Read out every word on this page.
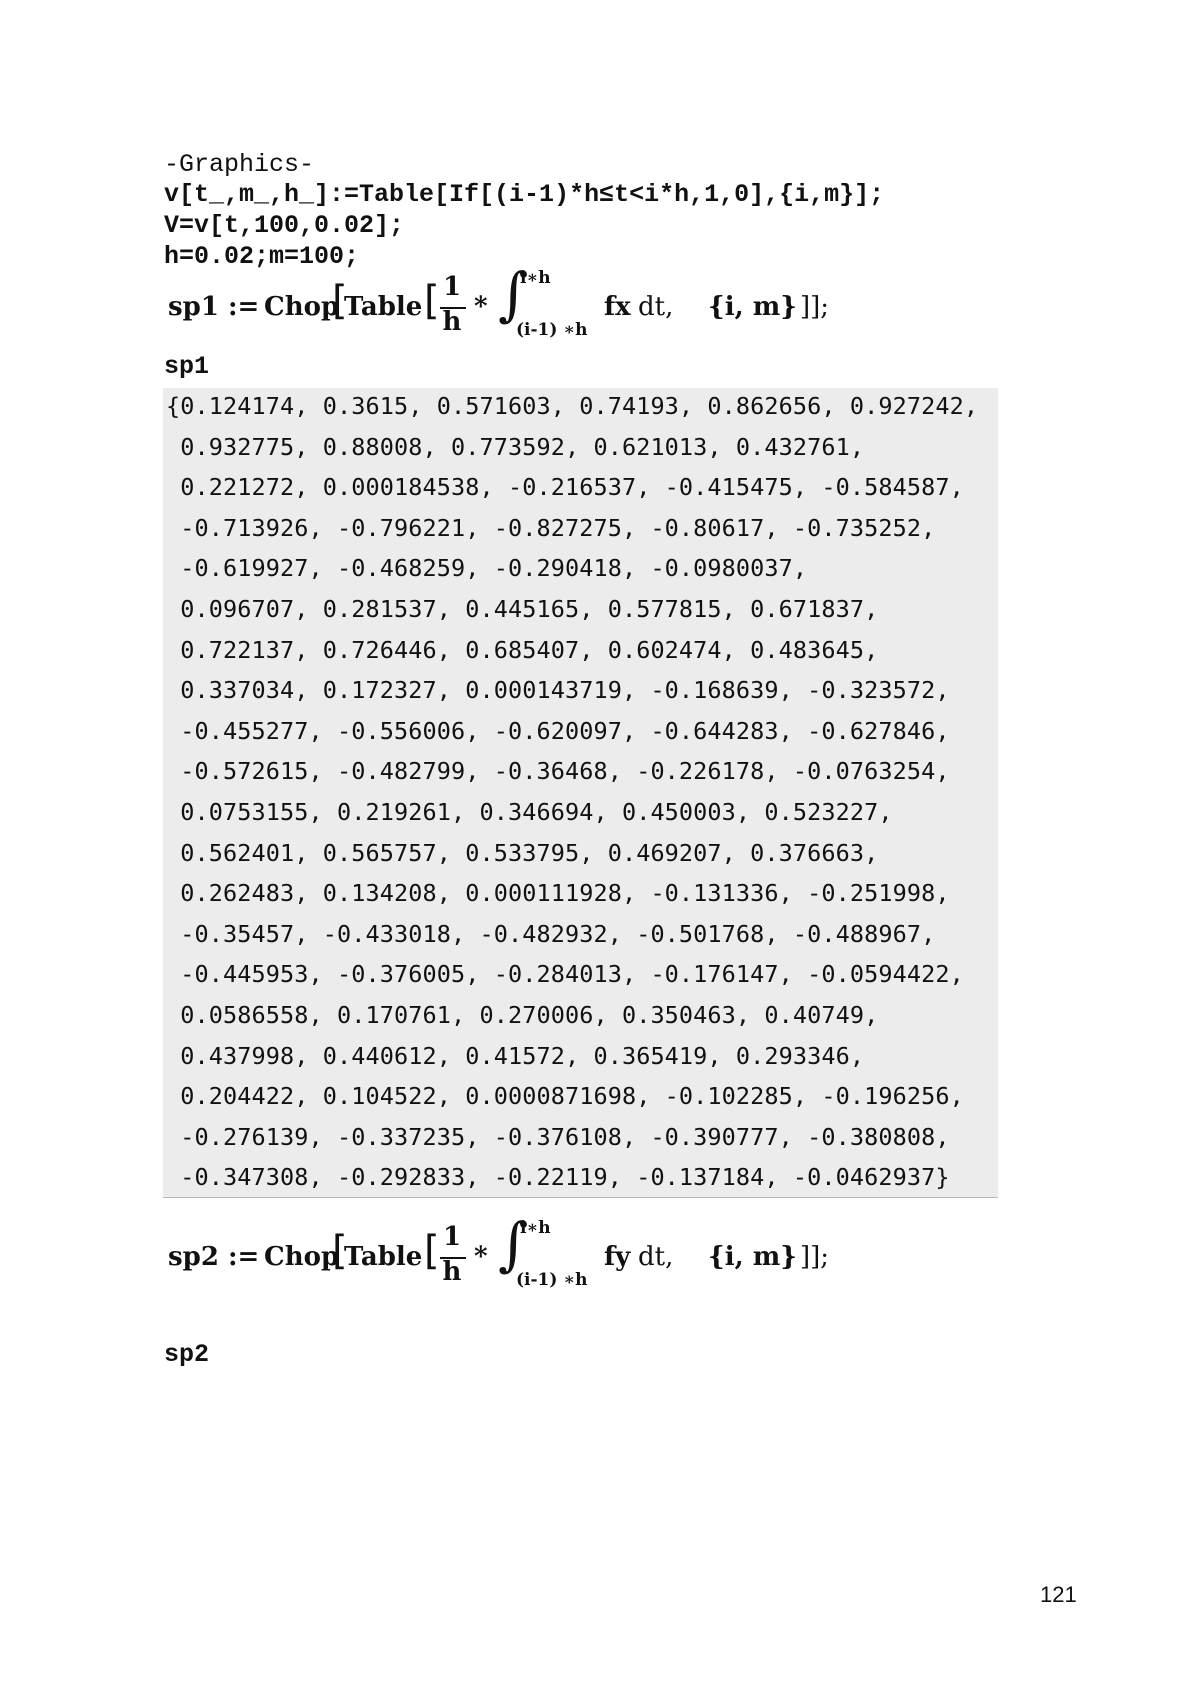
-Graphics-
v[t_,m_,h_]:=Table[If[(i-1)*h≤t<i*h,1,0],{i,m}];
V=v[t,100,0.02];
h=0.02;m=100;
sp1 := Chop
[
Table [ 1
h * ∫
i∗h
(i-1) ∗h
fx dt, {i, m} ]];
sp1
{0.124174, 0.3615, 0.571603, 0.74193, 0.862656, 0.927242,
0.932775, 0.88008, 0.773592, 0.621013, 0.432761,
0.221272, 0.000184538, -0.216537, -0.415475, -0.584587,
-0.713926, -0.796221, -0.827275, -0.80617, -0.735252,
-0.619927, -0.468259, -0.290418, -0.0980037,
0.096707, 0.281537, 0.445165, 0.577815, 0.671837,
0.722137, 0.726446, 0.685407, 0.602474, 0.483645,
0.337034, 0.172327, 0.000143719, -0.168639, -0.323572,
-0.455277, -0.556006, -0.620097, -0.644283, -0.627846,
-0.572615, -0.482799, -0.36468, -0.226178, -0.0763254,
0.0753155, 0.219261, 0.346694, 0.450003, 0.523227,
0.562401, 0.565757, 0.533795, 0.469207, 0.376663,
0.262483, 0.134208, 0.000111928, -0.131336, -0.251998,
-0.35457, -0.433018, -0.482932, -0.501768, -0.488967,
-0.445953, -0.376005, -0.284013, -0.176147, -0.0594422,
0.0586558, 0.170761, 0.270006, 0.350463, 0.40749,
0.437998, 0.440612, 0.41572, 0.365419, 0.293346,
0.204422, 0.104522, 0.0000871698, -0.102285, -0.196256,
-0.276139, -0.337235, -0.376108, -0.390777, -0.380808,
-0.347308, -0.292833, -0.22119, -0.137184, -0.0462937}
sp2 := Chop
[
Table [ 1
h * ∫
i∗h
(i-1) ∗h
fy dt, {i, m} ]];
sp2
121
